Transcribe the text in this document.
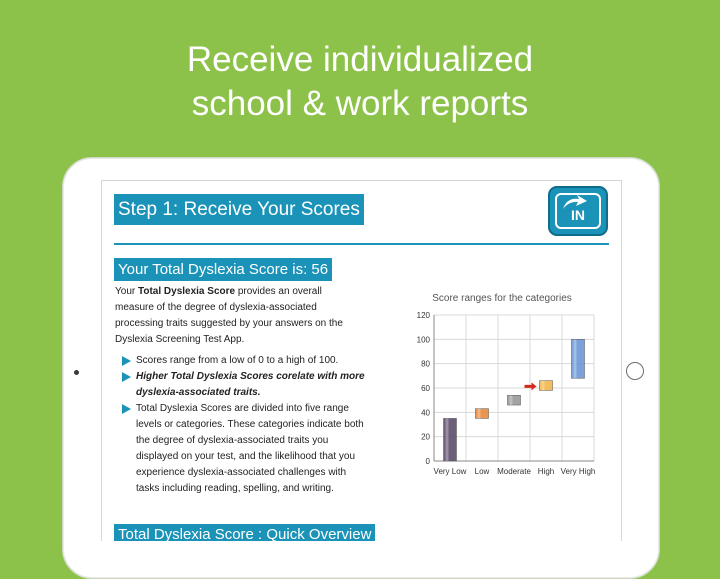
Receive individualized
school & work reports
Step 1: Receive Your Scores	IN
Your Total Dyslexia Score is: 56
Your Total Dyslexia Score provides an overall measure of the degree of dyslexia-associated processing traits suggested by your answers on the Dyslexia Screening Test App.
Scores range from a low of 0 to a high of 100.
Higher Total Dyslexia Scores corelate with more dyslexia-associated traits.
Total Dyslexia Scores are divided into five range levels or categories. These categories indicate both the degree of dyslexia-associated traits you displayed on your test, and the likelihood that you experience dyslexia-associated challenges with tasks including reading, spelling, and writing.
Score ranges for the categories
0
20
40
60
80
100
120
Very Low Low Moderate High Very High
Total Dyslexia Score : Quick Overview
